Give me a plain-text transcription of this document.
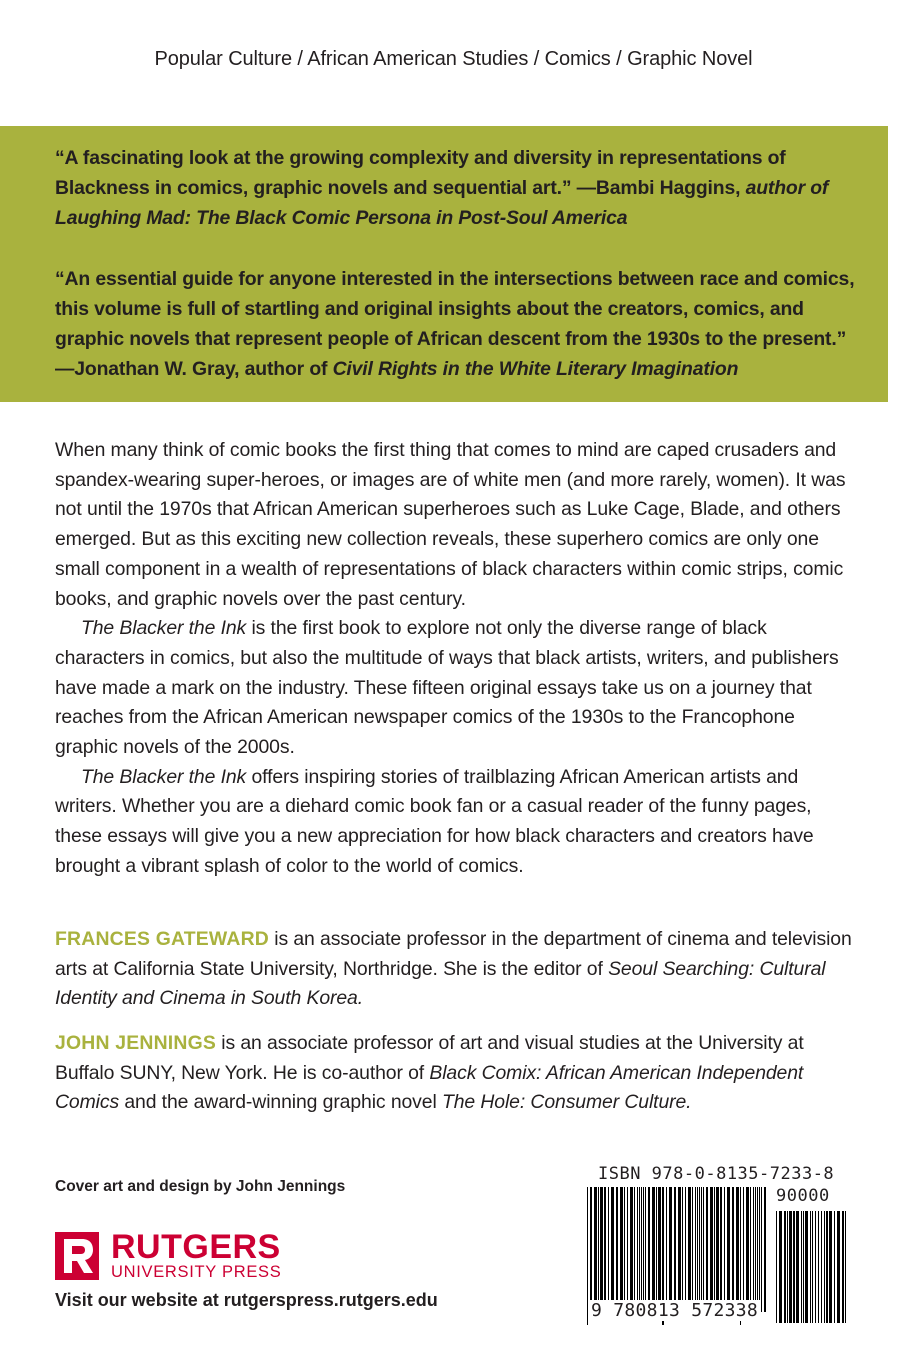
Popular Culture / African American Studies / Comics / Graphic Novel
“A fascinating look at the growing complexity and diversity in representations of Blackness in comics, graphic novels and sequential art.” —Bambi Haggins, author of Laughing Mad: The Black Comic Persona in Post-Soul America
“An essential guide for anyone interested in the intersections between race and comics, this volume is full of startling and original insights about the creators, comics, and graphic novels that represent people of African descent from the 1930s to the present.” —Jonathan W. Gray, author of Civil Rights in the White Literary Imagination

When many think of comic books the first thing that comes to mind are caped crusaders and spandex-wearing super-heroes, or images are of white men (and more rarely, women). It was not until the 1970s that African American superheroes such as Luke Cage, Blade, and others emerged. But as this exciting new collection reveals, these superhero comics are only one small component in a wealth of representations of black characters within comic strips, comic books, and graphic novels over the past century.

The Blacker the Ink is the first book to explore not only the diverse range of black characters in comics, but also the multitude of ways that black artists, writers, and publishers have made a mark on the industry. These fifteen original essays take us on a journey that reaches from the African American newspaper comics of the 1930s to the Francophone graphic novels of the 2000s.

The Blacker the Ink offers inspiring stories of trailblazing African American artists and writers. Whether you are a diehard comic book fan or a casual reader of the funny pages, these essays will give you a new appreciation for how black characters and creators have brought a vibrant splash of color to the world of comics.

FRANCES GATEWARD is an associate professor in the department of cinema and television arts at California State University, Northridge. She is the editor of Seoul Searching: Cultural Identity and Cinema in South Korea.
JOHN JENNINGS is an associate professor of art and visual studies at the University at Buffalo SUNY, New York. He is co-author of Black Comix: African American Independent Comics and the award-winning graphic novel The Hole: Consumer Culture.
Cover art and design by John Jennings
RUTGERS
UNIVERSITY PRESS
Visit our website at rutgerspress.rutgers.edu
ISBN 978-0-8135-7233-8
90000
9 780813 572338
